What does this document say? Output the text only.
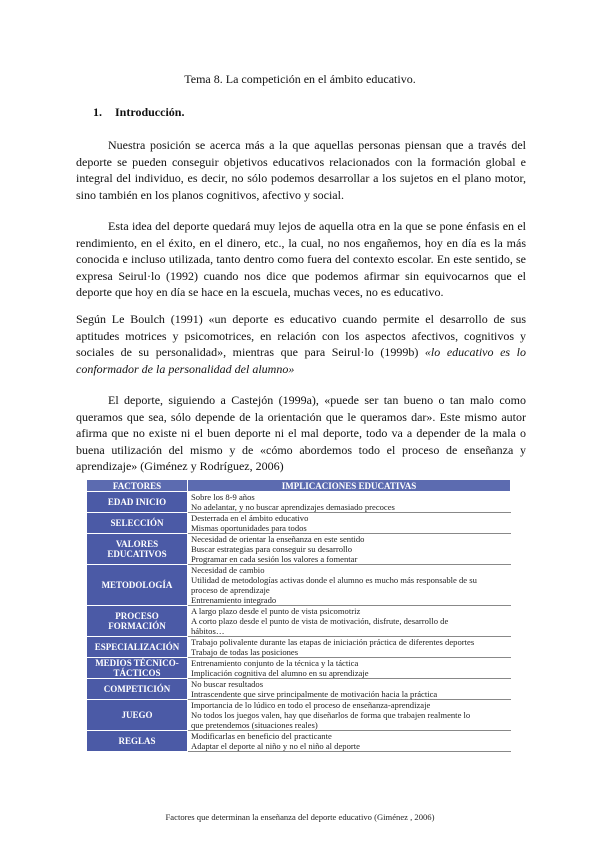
Tema 8. La competición en el ámbito educativo.
1. Introducción.

Nuestra posición se acerca más a la que aquellas personas piensan que a través del deporte se pueden conseguir objetivos educativos relacionados con la formación global e integral del individuo, es decir, no sólo podemos desarrollar a los sujetos en el plano motor, sino también en los planos cognitivos, afectivo y social.

Esta idea del deporte quedará muy lejos de aquella otra en la que se pone énfasis en el rendimiento, en el éxito, en el dinero, etc., la cual, no nos engañemos, hoy en día es la más conocida e incluso utilizada, tanto dentro como fuera del contexto escolar. En este sentido, se expresa Seirul·lo (1992) cuando nos dice que podemos afirmar sin equivocarnos que el deporte que hoy en día se hace en la escuela, muchas veces, no es educativo.

Según Le Boulch (1991) «un deporte es educativo cuando permite el desarrollo de sus aptitudes motrices y psicomotrices, en relación con los aspectos afectivos, cognitivos y sociales de su personalidad», mientras que para Seirul·lo (1999b) «lo educativo es lo conformador de la personalidad del alumno»

El deporte, siguiendo a Castejón (1999a), «puede ser tan bueno o tan malo como queramos que sea, sólo depende de la orientación que le queramos dar». Este mismo autor afirma que no existe ni el buen deporte ni el mal deporte, todo va a depender de la mala o buena utilización del mismo y de «cómo abordemos todo el proceso de enseñanza y aprendizaje» (Giménez y Rodríguez, 2006)

FACTORES	IMPLICACIONES EDUCATIVAS
EDAD INICIO	Sobre los 8-9 años
No adelantar, y no buscar aprendizajes demasiado precoces

SELECCIÓN	Desterrada en el ámbito educativo
Mismas oportunidades para todos

VALORES EDUCATIVOS	Necesidad de orientar la enseñanza en este sentido
Buscar estrategias para conseguir su desarrollo
Programar en cada sesión los valores a fomentar

METODOLOGÍA	Necesidad de cambio
Utilidad de metodologías activas donde el alumno es mucho más responsable de su
proceso de aprendizaje
Entrenamiento integrado

PROCESO FORMACIÓN	A largo plazo desde el punto de vista psicomotriz
A corto plazo desde el punto de vista de motivación, disfrute, desarrollo de
hábitos…

ESPECIALIZACIÓN	Trabajo polivalente durante las etapas de iniciación práctica de diferentes deportes
Trabajo de todas las posiciones

MEDIOS TÉCNICO-TÁCTICOS	Entrenamiento conjunto de la técnica y la táctica
Implicación cognitiva del alumno en su aprendizaje

COMPETICIÓN	No buscar resultados
Intrascendente que sirve principalmente de motivación hacia la práctica

JUEGO	Importancia de lo lúdico en todo el proceso de enseñanza-aprendizaje
No todos los juegos valen, hay que diseñarlos de forma que trabajen realmente lo
que pretendemos (situaciones reales)

REGLAS	Modificarlas en beneficio del practicante
Adaptar el deporte al niño y no el niño al deporte
Factores que determinan la enseñanza del deporte educativo (Giménez , 2006)
